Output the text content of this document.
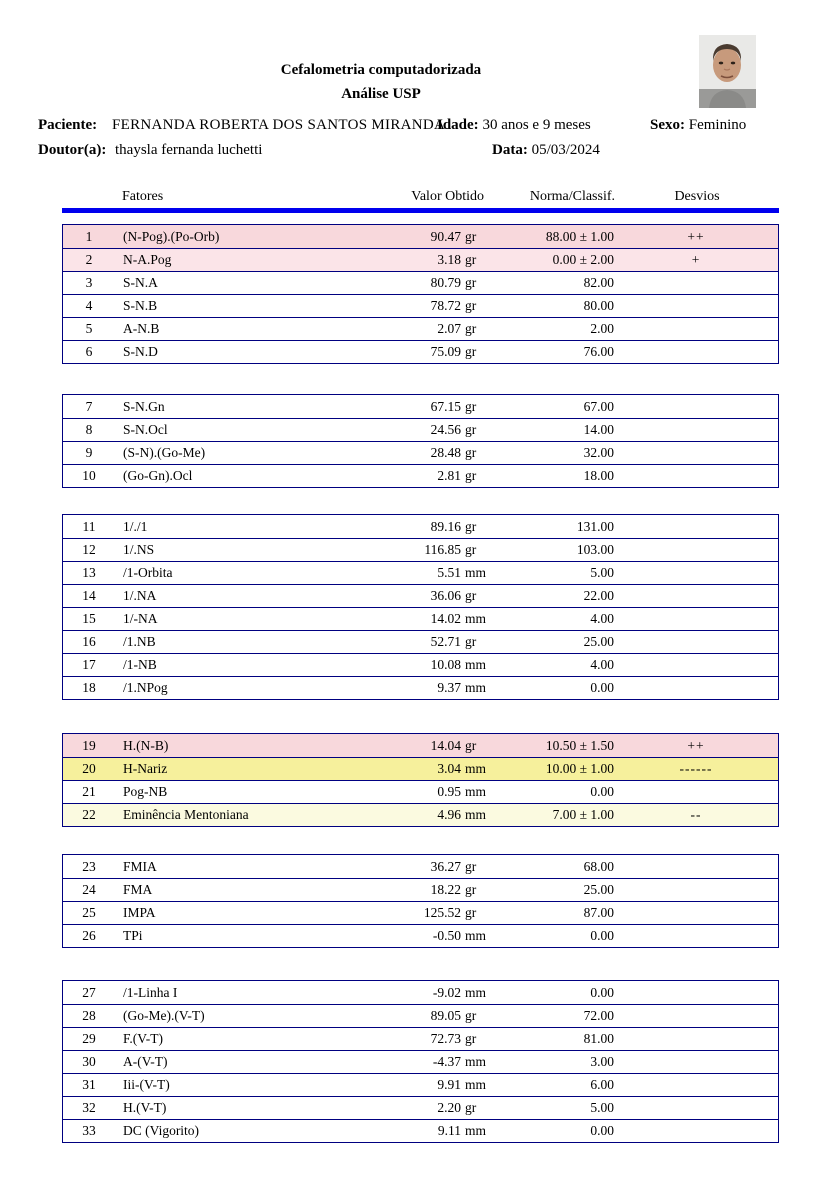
Cefalometria computadorizada
Análise USP
Paciente: FERNANDA ROBERTA DOS SANTOS MIRANDA
Idade: 30 anos e 9 meses	Sexo: Feminino
Doutor(a): thaysla fernanda luchetti	Data: 05/03/2024
Fatores	Valor Obtido	Norma/Classif.	Desvios
1	(N-Pog).(Po-Orb)	90.47 gr	88.00 ± 1.00	++
2	N-A.Pog	3.18 gr	0.00 ± 2.00	+
3	S-N.A	80.79 gr	82.00
4	S-N.B	78.72 gr	80.00
5	A-N.B	2.07 gr	2.00
6	S-N.D	75.09 gr	76.00
7	S-N.Gn	67.15 gr	67.00
8	S-N.Ocl	24.56 gr	14.00
9	(S-N).(Go-Me)	28.48 gr	32.00
10	(Go-Gn).Ocl	2.81 gr	18.00
11	1/./1	89.16 gr	131.00
12	1/.NS	116.85 gr	103.00
13	/1-Orbita	5.51 mm	5.00
14	1/.NA	36.06 gr	22.00
15	1/-NA	14.02 mm	4.00
16	/1.NB	52.71 gr	25.00
17	/1-NB	10.08 mm	4.00
18	/1.NPog	9.37 mm	0.00
19	H.(N-B)	14.04 gr	10.50 ± 1.50	++
20	H-Nariz	3.04 mm	10.00 ± 1.00	------
21	Pog-NB	0.95 mm	0.00
22	Eminência Mentoniana	4.96 mm	7.00 ± 1.00	--
23	FMIA	36.27 gr	68.00
24	FMA	18.22 gr	25.00
25	IMPA	125.52 gr	87.00
26	TPi	-0.50 mm	0.00
27	/1-Linha I	-9.02 mm	0.00
28	(Go-Me).(V-T)	89.05 gr	72.00
29	F.(V-T)	72.73 gr	81.00
30	A-(V-T)	-4.37 mm	3.00
31	Iii-(V-T)	9.91 mm	6.00
32	H.(V-T)	2.20 gr	5.00
33	DC (Vigorito)	9.11 mm	0.00
